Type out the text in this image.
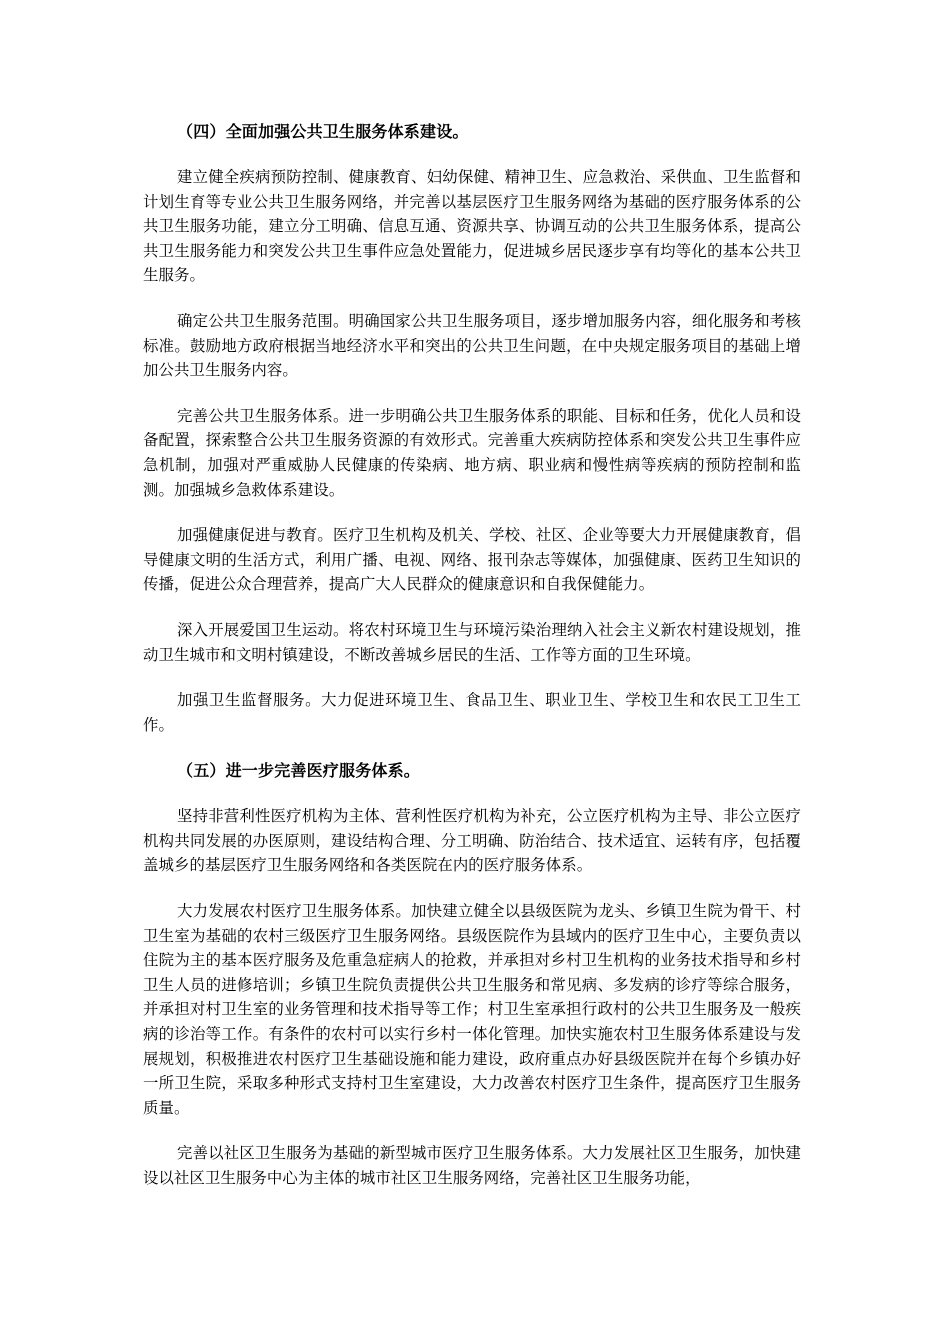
（四）全面加强公共卫生服务体系建设。

建立健全疾病预防控制、健康教育、妇幼保健、精神卫生、应急救治、采供血、卫生监督和计划生育等专业公共卫生服务网络，并完善以基层医疗卫生服务网络为基础的医疗服务体系的公共卫生服务功能，建立分工明确、信息互通、资源共享、协调互动的公共卫生服务体系，提高公共卫生服务能力和突发公共卫生事件应急处置能力，促进城乡居民逐步享有均等化的基本公共卫生服务。

确定公共卫生服务范围。明确国家公共卫生服务项目，逐步增加服务内容，细化服务和考核标准。鼓励地方政府根据当地经济水平和突出的公共卫生问题，在中央规定服务项目的基础上增加公共卫生服务内容。

完善公共卫生服务体系。进一步明确公共卫生服务体系的职能、目标和任务，优化人员和设备配置，探索整合公共卫生服务资源的有效形式。完善重大疾病防控体系和突发公共卫生事件应急机制，加强对严重威胁人民健康的传染病、地方病、职业病和慢性病等疾病的预防控制和监测。加强城乡急救体系建设。

加强健康促进与教育。医疗卫生机构及机关、学校、社区、企业等要大力开展健康教育，倡导健康文明的生活方式，利用广播、电视、网络、报刊杂志等媒体，加强健康、医药卫生知识的传播，促进公众合理营养，提高广大人民群众的健康意识和自我保健能力。

深入开展爱国卫生运动。将农村环境卫生与环境污染治理纳入社会主义新农村建设规划，推动卫生城市和文明村镇建设，不断改善城乡居民的生活、工作等方面的卫生环境。

加强卫生监督服务。大力促进环境卫生、食品卫生、职业卫生、学校卫生和农民工卫生工作。

（五）进一步完善医疗服务体系。

坚持非营利性医疗机构为主体、营利性医疗机构为补充，公立医疗机构为主导、非公立医疗机构共同发展的办医原则，建设结构合理、分工明确、防治结合、技术适宜、运转有序，包括覆盖城乡的基层医疗卫生服务网络和各类医院在内的医疗服务体系。

大力发展农村医疗卫生服务体系。加快建立健全以县级医院为龙头、乡镇卫生院为骨干、村卫生室为基础的农村三级医疗卫生服务网络。县级医院作为县域内的医疗卫生中心，主要负责以住院为主的基本医疗服务及危重急症病人的抢救，并承担对乡村卫生机构的业务技术指导和乡村卫生人员的进修培训；乡镇卫生院负责提供公共卫生服务和常见病、多发病的诊疗等综合服务，并承担对村卫生室的业务管理和技术指导等工作；村卫生室承担行政村的公共卫生服务及一般疾病的诊治等工作。有条件的农村可以实行乡村一体化管理。加快实施农村卫生服务体系建设与发展规划，积极推进农村医疗卫生基础设施和能力建设，政府重点办好县级医院并在每个乡镇办好一所卫生院，采取多种形式支持村卫生室建设，大力改善农村医疗卫生条件，提高医疗卫生服务质量。

完善以社区卫生服务为基础的新型城市医疗卫生服务体系。大力发展社区卫生服务，加快建设以社区卫生服务中心为主体的城市社区卫生服务网络，完善社区卫生服务功能，
